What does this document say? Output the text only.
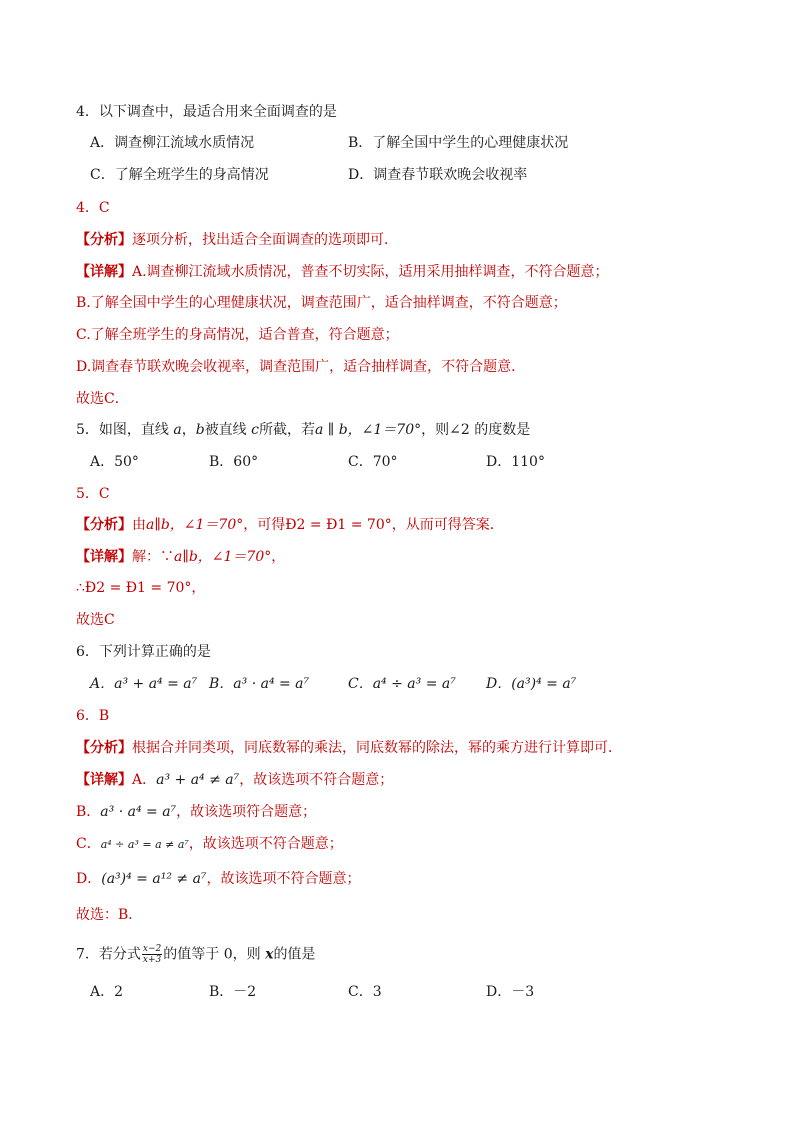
4．以下调查中，最适合用来全面调查的是
A．调查柳江流域水质情况	B．了解全国中学生的心理健康状况
C．了解全班学生的身高情况	D．调查春节联欢晚会收视率
4．C
【分析】逐项分析，找出适合全面调查的选项即可．
【详解】A.调查柳江流域水质情况，普查不切实际，适用采用抽样调查，不符合题意；
B.了解全国中学生的心理健康状况，调查范围广，适合抽样调查，不符合题意；
C.了解全班学生的身高情况，适合普查，符合题意；
D.调查春节联欢晚会收视率，调查范围广，适合抽样调查，不符合题意．
故选C．
5．如图，直线 a，b被直线 c所截，若a ∥ b，∠1＝70°，则∠2 的度数是
A．50°	B．60°	C．70°	D．110°
5．C
【分析】由a∥b，∠1＝70°，可得Ð2 = Ð1 = 70°，从而可得答案．
【详解】解：∵a∥b，∠1＝70°，
∴Ð2 = Ð1 = 70°，
故选C
6．下列计算正确的是
A．a³ + a⁴ = a⁷ B．a³ · a⁴ = a⁷	C．a⁴ ÷ a³ = a⁷ D．(a³)⁴ = a⁷
6．B
【分析】根据合并同类项，同底数幂的乘法，同底数幂的除法，幂的乘方进行计算即可．
【详解】A．a³ + a⁴ ≠ a⁷，故该选项不符合题意；
B．a³ · a⁴ = a⁷，故该选项符合题意；
C．a⁴ ÷ a³ = a ≠ a⁷，故该选项不符合题意；
D．(a³)⁴ = a¹² ≠ a⁷，故该选项不符合题意；
故选：B．
7．若分式 $\frac{x-2}{x+3}$ 的值等于 0，则 x的值是
A．2	B．－2	C．3	D．－3
